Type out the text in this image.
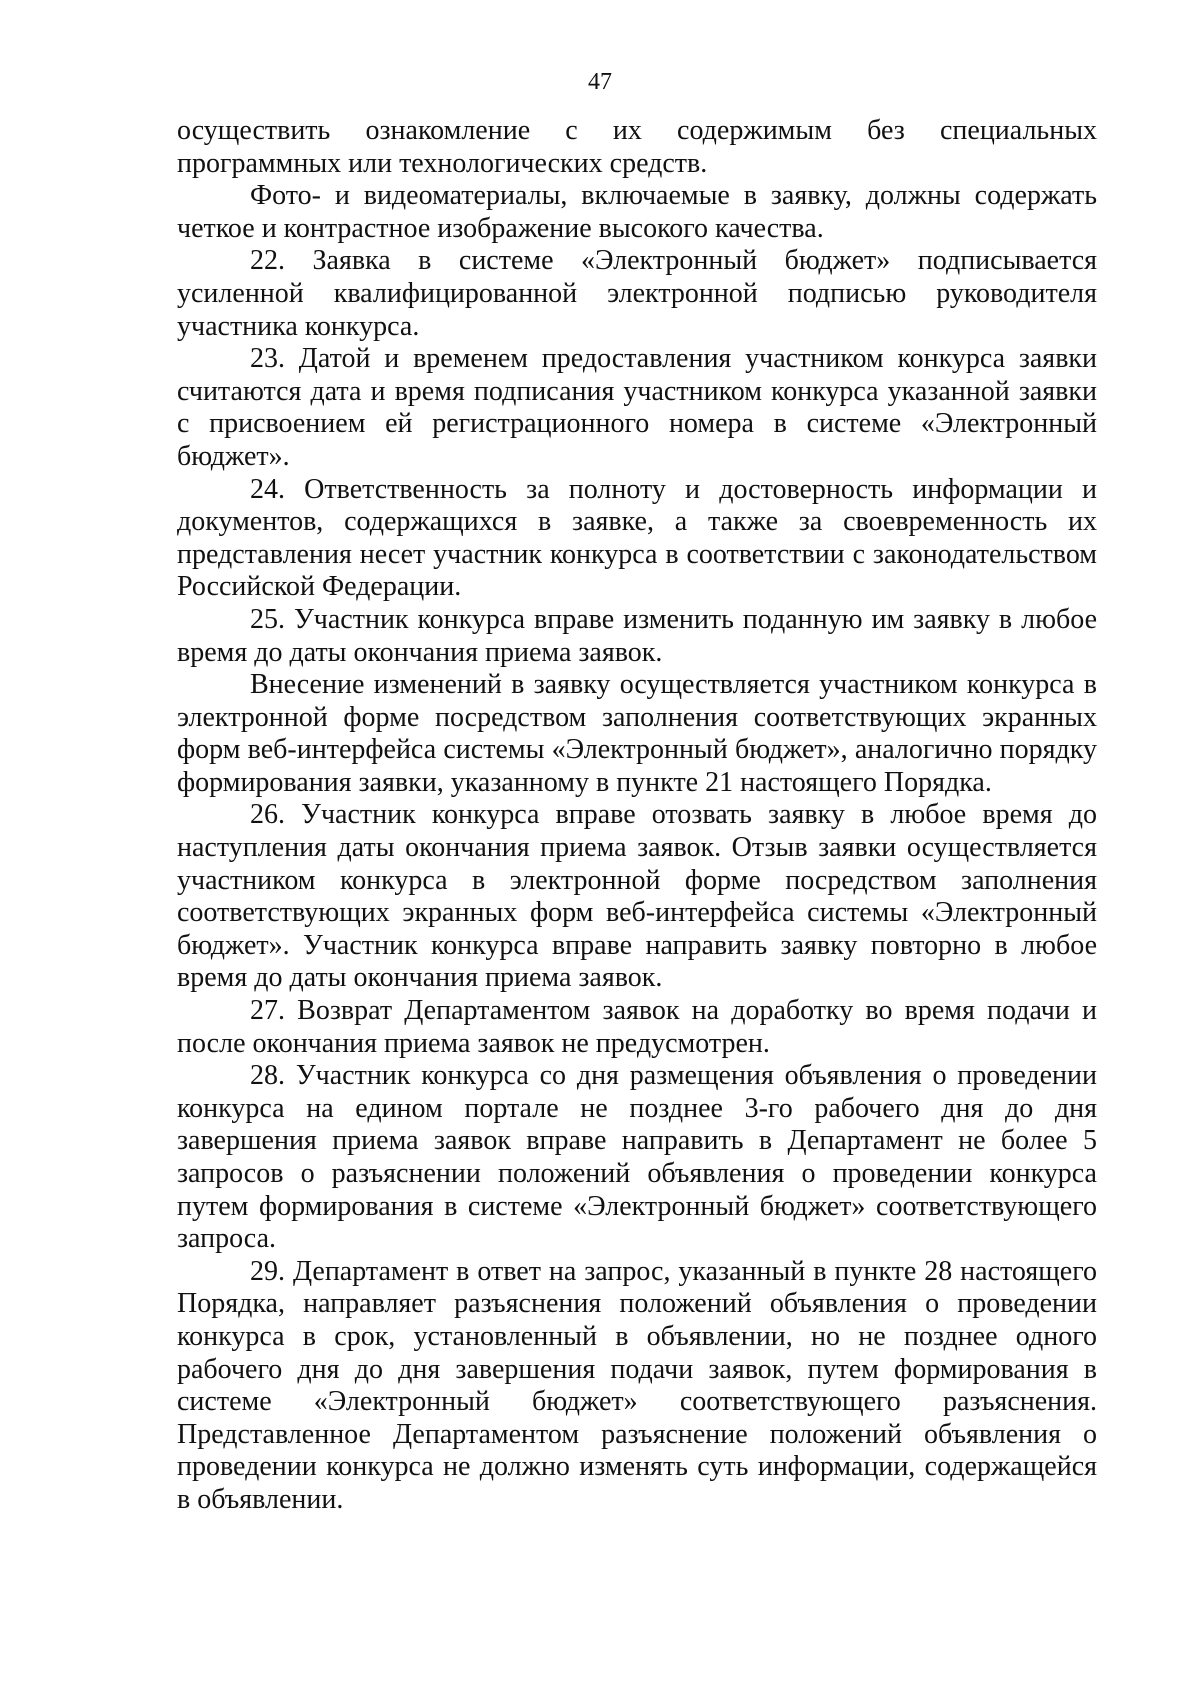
47

осуществить ознакомление с их содержимым без специальных программных или технологических средств.

Фото- и видеоматериалы, включаемые в заявку, должны содержать четкое и контрастное изображение высокого качества.

22. Заявка в системе «Электронный бюджет» подписывается усиленной квалифицированной электронной подписью руководителя участника конкурса.

23. Датой и временем предоставления участником конкурса заявки считаются дата и время подписания участником конкурса указанной заявки с присвоением ей регистрационного номера в системе «Электронный бюджет».

24. Ответственность за полноту и достоверность информации и документов, содержащихся в заявке, а также за своевременность их представления несет участник конкурса в соответствии с законодательством Российской Федерации.

25. Участник конкурса вправе изменить поданную им заявку в любое время до даты окончания приема заявок.

Внесение изменений в заявку осуществляется участником конкурса в электронной форме посредством заполнения соответствующих экранных форм веб-интерфейса системы «Электронный бюджет», аналогично порядку формирования заявки, указанному в пункте 21 настоящего Порядка.

26. Участник конкурса вправе отозвать заявку в любое время до наступления даты окончания приема заявок. Отзыв заявки осуществляется участником конкурса в электронной форме посредством заполнения соответствующих экранных форм веб-интерфейса системы «Электронный бюджет». Участник конкурса вправе направить заявку повторно в любое время до даты окончания приема заявок.

27. Возврат Департаментом заявок на доработку во время подачи и после окончания приема заявок не предусмотрен.

28. Участник конкурса со дня размещения объявления о проведении конкурса на едином портале не позднее 3-го рабочего дня до дня завершения приема заявок вправе направить в Департамент не более 5 запросов о разъяснении положений объявления о проведении конкурса путем формирования в системе «Электронный бюджет» соответствующего запроса.

29. Департамент в ответ на запрос, указанный в пункте 28 настоящего Порядка, направляет разъяснения положений объявления о проведении конкурса в срок, установленный в объявлении, но не позднее одного рабочего дня до дня завершения подачи заявок, путем формирования в системе «Электронный бюджет» соответствующего разъяснения. Представленное Департаментом разъяснение положений объявления о проведении конкурса не должно изменять суть информации, содержащейся в объявлении.
